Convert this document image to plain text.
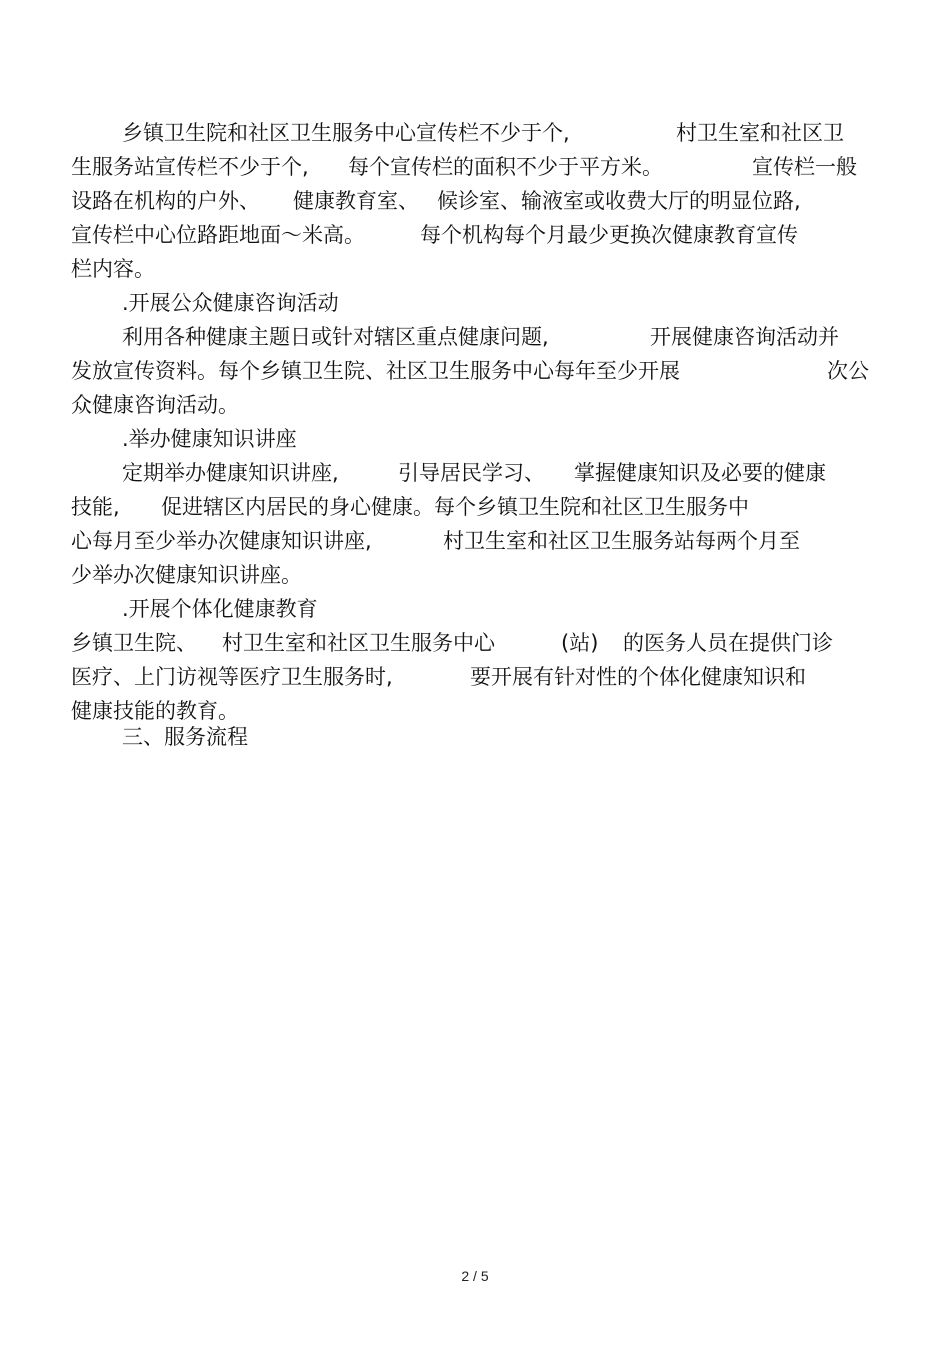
乡镇卫生院和社区卫生服务中心宣传栏不少于个,	村卫生室和社区卫
生服务站宣传栏不少于个, 每个宣传栏的面积不少于平方米。	宣传栏一般
设路在机构的户外、 健康教育室、 候诊室、输液室或收费大厅的明显位路,
宣传栏中心位路距地面～米高。	每个机构每个月最少更换次健康教育宣传
栏内容。
.开展公众健康咨询活动
利用各种健康主题日或针对辖区重点健康问题,	开展健康咨询活动并
发放宣传资料。每个乡镇卫生院、社区卫生服务中心每年至少开展	次公
众健康咨询活动。
.举办健康知识讲座
定期举办健康知识讲座,	引导居民学习、 掌握健康知识及必要的健康
技能, 促进辖区内居民的身心健康。每个乡镇卫生院和社区卫生服务中
心每月至少举办次健康知识讲座,	村卫生室和社区卫生服务站每两个月至
少举办次健康知识讲座。
.开展个体化健康教育
乡镇卫生院、 村卫生室和社区卫生服务中心	(站) 的医务人员在提供门诊
医疗、上门访视等医疗卫生服务时,	要开展有针对性的个体化健康知识和
健康技能的教育。
三、服务流程
2 / 5
